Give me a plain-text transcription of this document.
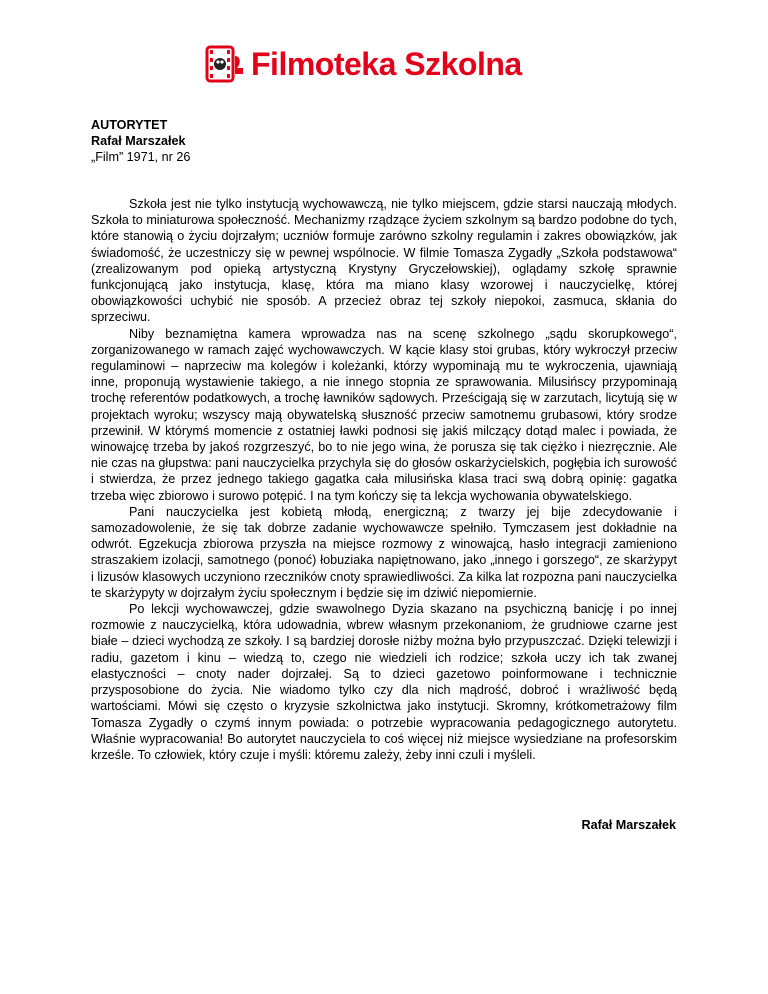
Filmoteka Szkolna
AUTORYTET
Rafał Marszałek
„Film” 1971, nr 26

Szkoła jest nie tylko instytucją wychowawczą, nie tylko miejscem, gdzie starsi nauczają młodych. Szkoła to miniaturowa społeczność. Mechanizmy rządzące życiem szkolnym są bardzo podobne do tych, które stanowią o życiu dojrzałym; uczniów formuje zarówno szkolny regulamin i zakres obowiązków, jak świadomość, że uczestniczy się w pewnej wspólnocie. W filmie Tomasza Zygadły „Szkoła podstawowa“ (zrealizowanym pod opieką artystyczną Krystyny Gryczełowskiej), oglądamy szkołę sprawnie funkcjonującą jako instytucja, klasę, która ma miano klasy wzorowej i nauczycielkę, której obowiązkowości uchybić nie sposób. A przecież obraz tej szkoły niepokoi, zasmuca, skłania do sprzeciwu.

Niby beznamiętna kamera wprowadza nas na scenę szkolnego „sądu skorupkowego“, zorganizowanego w ramach zajęć wychowawczych. W kącie klasy stoi grubas, który wykroczył przeciw regulaminowi – naprzeciw ma kolegów i koleżanki, którzy wypominają mu te wykroczenia, ujawniają inne, proponują wystawienie takiego, a nie innego stopnia ze sprawowania. Milusińscy przypominają trochę referentów podatkowych, a trochę ławników sądowych. Prześcigają się w zarzutach, licytują się w projektach wyroku; wszyscy mają obywatelską słuszność przeciw samotnemu grubasowi, który srodze przewinił. W którymś momencie z ostatniej ławki podnosi się jakiś milczący dotąd malec i powiada, że winowajcę trzeba by jakoś rozgrzeszyć, bo to nie jego wina, że porusza się tak ciężko i niezręcznie. Ale nie czas na głupstwa: pani nauczycielka przychyla się do głosów oskarżycielskich, pogłębia ich surowość i stwierdza, że przez jednego takiego gagatka cała milusińska klasa traci swą dobrą opinię: gagatka trzeba więc zbiorowo i surowo potępić. I na tym kończy się ta lekcja wychowania obywatelskiego.

Pani nauczycielka jest kobietą młodą, energiczną; z twarzy jej bije zdecydowanie i samozadowolenie, że się tak dobrze zadanie wychowawcze spełniło. Tymczasem jest dokładnie na odwrót. Egzekucja zbiorowa przyszła na miejsce rozmowy z winowajcą, hasło integracji zamieniono straszakiem izolacji, samotnego (ponoć) łobuziaka napiętnowano, jako „innego i gorszego“, ze skarżypyt i lizusów klasowych uczyniono rzeczników cnoty sprawiedliwości. Za kilka lat rozpozna pani nauczycielka te skarżypyty w dojrzałym życiu społecznym i będzie się im dziwić niepomiernie.

Po lekcji wychowawczej, gdzie swawolnego Dyzia skazano na psychiczną banicję i po innej rozmowie z nauczycielką, która udowadnia, wbrew własnym przekonaniom, że grudniowe czarne jest białe – dzieci wychodzą ze szkoły. I są bardziej dorosłe niżby można było przypuszczać. Dzięki telewizji i radiu, gazetom i kinu – wiedzą to, czego nie wiedzieli ich rodzice; szkoła uczy ich tak zwanej elastyczności – cnoty nader dojrzałej. Są to dzieci gazetowo poinformowane i technicznie przysposobione do życia. Nie wiadomo tylko czy dla nich mądrość, dobroć i wrażliwość będą wartościami. Mówi się często o kryzysie szkolnictwa jako instytucji. Skromny, krótkometrażowy film Tomasza Zygadły o czymś innym powiada: o potrzebie wypracowania pedagogicznego autorytetu. Właśnie wypracowania! Bo autorytet nauczyciela to coś więcej niż miejsce wysiedziane na profesorskim krześle. To człowiek, który czuje i myśli: któremu zależy, żeby inni czuli i myśleli.

Rafał Marszałek
